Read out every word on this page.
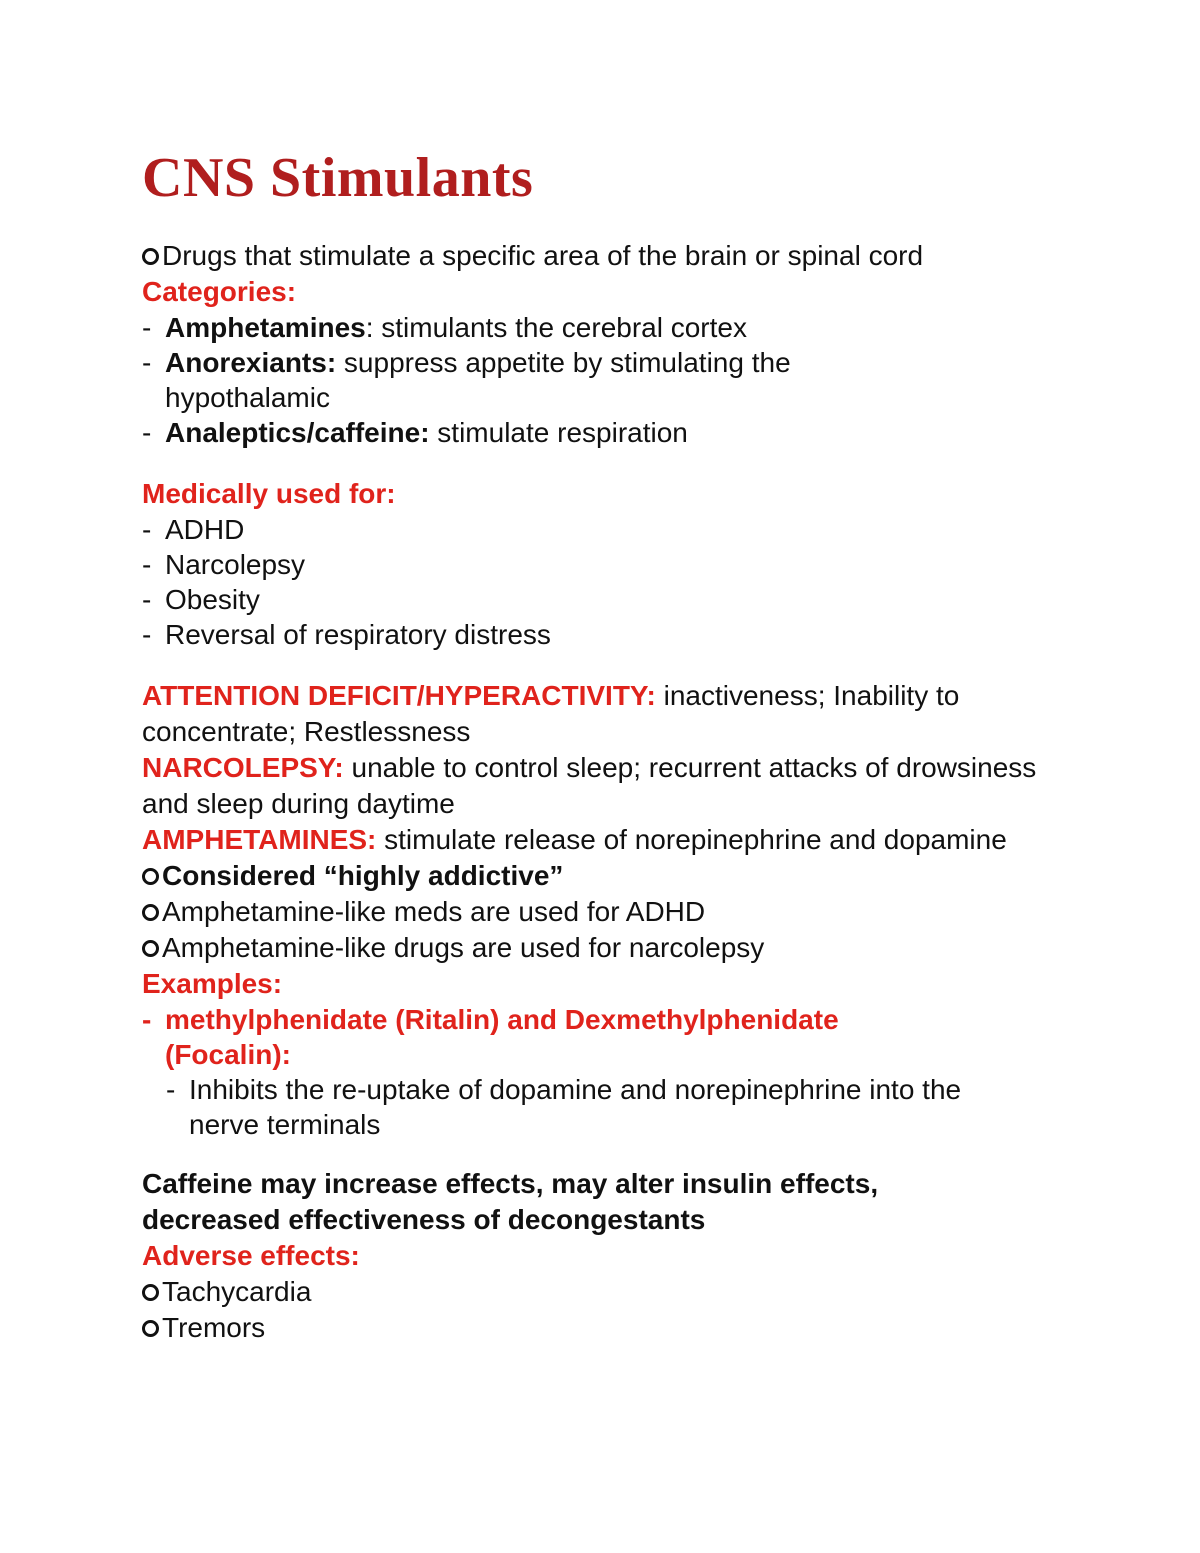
CNS Stimulants
Drugs that stimulate a specific area of the brain or spinal cord
Categories:
- Amphetamines: stimulants the cerebral cortex
- Anorexiants: suppress appetite by stimulating the hypothalamic
- Analeptics/caffeine: stimulate respiration
Medically used for:
- ADHD
- Narcolepsy
- Obesity
- Reversal of respiratory distress
ATTENTION DEFICIT/HYPERACTIVITY: inactiveness; Inability to concentrate; Restlessness
NARCOLEPSY: unable to control sleep; recurrent attacks of drowsiness and sleep during daytime
AMPHETAMINES: stimulate release of norepinephrine and dopamine
Considered “highly addictive”
Amphetamine-like meds are used for ADHD
Amphetamine-like drugs are used for narcolepsy
Examples:
- methylphenidate (Ritalin) and Dexmethylphenidate (Focalin):
- Inhibits the re-uptake of dopamine and norepinephrine into the nerve terminals
Caffeine may increase effects, may alter insulin effects, decreased effectiveness of decongestants
Adverse effects:
Tachycardia
Tremors
